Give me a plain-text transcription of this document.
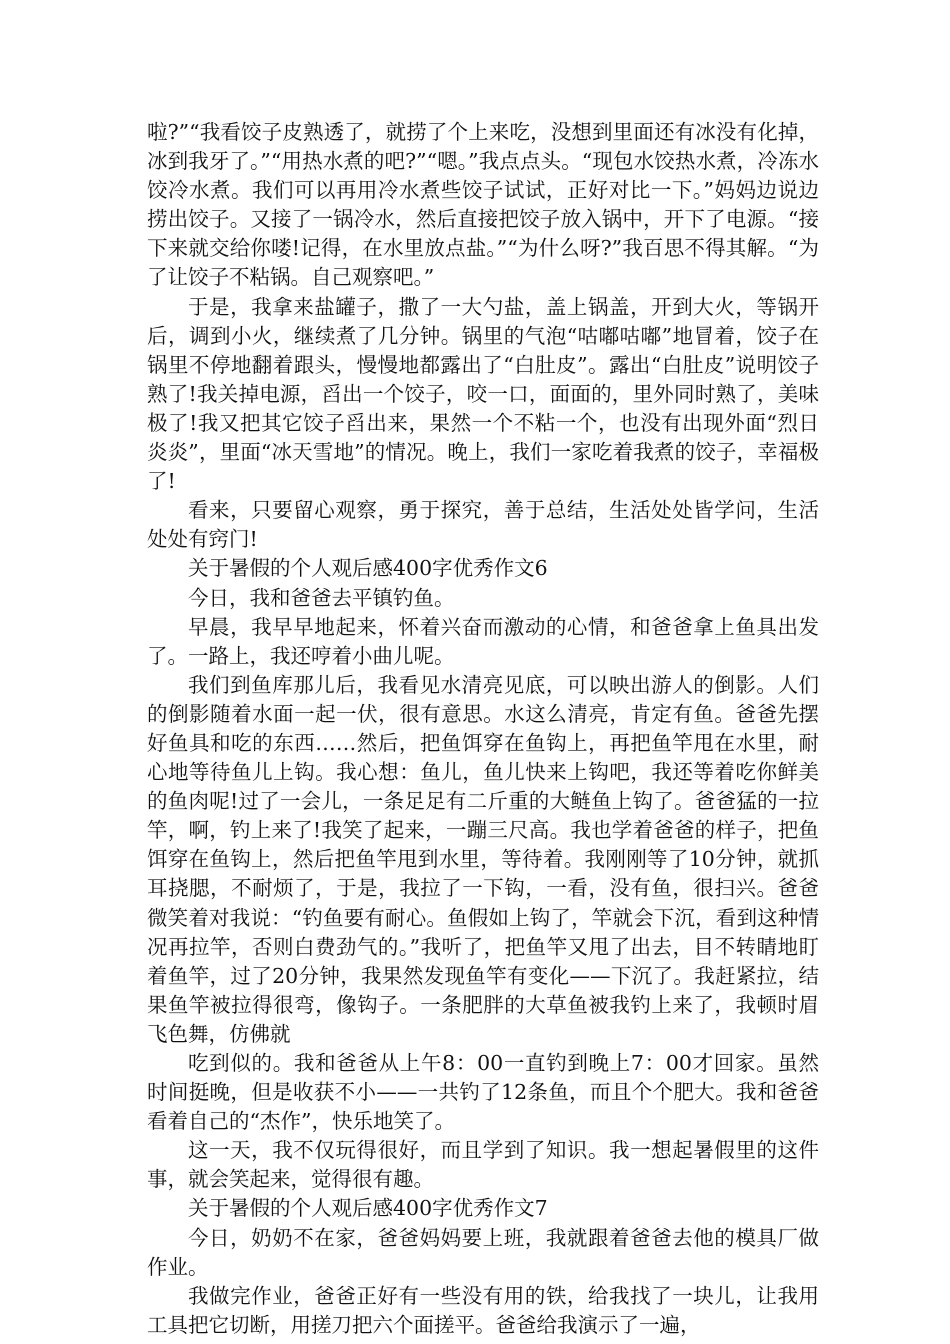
啦?”“我看饺子皮熟透了，就捞了个上来吃，没想到里面还有冰没有化掉，冰到我牙了。”“用热水煮的吧?”“嗯。”我点点头。“现包水饺热水煮，冷冻水饺冷水煮。我们可以再用冷水煮些饺子试试，正好对比一下。”妈妈边说边捞出饺子。又接了一锅冷水，然后直接把饺子放入锅中，开下了电源。“接下来就交给你喽!记得，在水里放点盐。”“为什么呀?”我百思不得其解。“为了让饺子不粘锅。自己观察吧。”

于是，我拿来盐罐子，撒了一大勺盐，盖上锅盖，开到大火，等锅开后，调到小火，继续煮了几分钟。锅里的气泡“咕嘟咕嘟”地冒着，饺子在锅里不停地翻着跟头，慢慢地都露出了“白肚皮”。露出“白肚皮”说明饺子熟了!我关掉电源，舀出一个饺子，咬一口，面面的，里外同时熟了，美味极了!我又把其它饺子舀出来，果然一个不粘一个，也没有出现外面“烈日炎炎”，里面“冰天雪地”的情况。晚上，我们一家吃着我煮的饺子，幸福极了!

看来，只要留心观察，勇于探究，善于总结，生活处处皆学问，生活处处有窍门!

关于暑假的个人观后感400字优秀作文6

今日，我和爸爸去平镇钓鱼。

早晨，我早早地起来，怀着兴奋而激动的心情，和爸爸拿上鱼具出发了。一路上，我还哼着小曲儿呢。

我们到鱼库那儿后，我看见水清亮见底，可以映出游人的倒影。人们的倒影随着水面一起一伏，很有意思。水这么清亮，肯定有鱼。爸爸先摆好鱼具和吃的东西……然后，把鱼饵穿在鱼钩上，再把鱼竿甩在水里，耐心地等待鱼儿上钩。我心想：鱼儿，鱼儿快来上钩吧，我还等着吃你鲜美的鱼肉呢!过了一会儿，一条足足有二斤重的大鲢鱼上钩了。爸爸猛的一拉竿，啊，钓上来了!我笑了起来，一蹦三尺高。我也学着爸爸的样子，把鱼饵穿在鱼钩上，然后把鱼竿甩到水里，等待着。我刚刚等了10分钟，就抓耳挠腮，不耐烦了，于是，我拉了一下钩，一看，没有鱼，很扫兴。爸爸微笑着对我说：“钓鱼要有耐心。鱼假如上钩了，竿就会下沉，看到这种情况再拉竿，否则白费劲气的。”我听了，把鱼竿又甩了出去，目不转睛地盯着鱼竿，过了20分钟，我果然发现鱼竿有变化——下沉了。我赶紧拉，结果鱼竿被拉得很弯，像钩子。一条肥胖的大草鱼被我钓上来了，我顿时眉飞色舞，仿佛就

吃到似的。我和爸爸从上午8：00一直钓到晚上7：00才回家。虽然时间挺晚，但是收获不小——一共钓了12条鱼，而且个个肥大。我和爸爸看着自己的“杰作”，快乐地笑了。

这一天，我不仅玩得很好，而且学到了知识。我一想起暑假里的这件事，就会笑起来，觉得很有趣。

关于暑假的个人观后感400字优秀作文7

今日，奶奶不在家，爸爸妈妈要上班，我就跟着爸爸去他的模具厂做作业。

我做完作业，爸爸正好有一些没有用的铁，给我找了一块儿，让我用工具把它切断，用搓刀把六个面搓平。爸爸给我演示了一遍，
